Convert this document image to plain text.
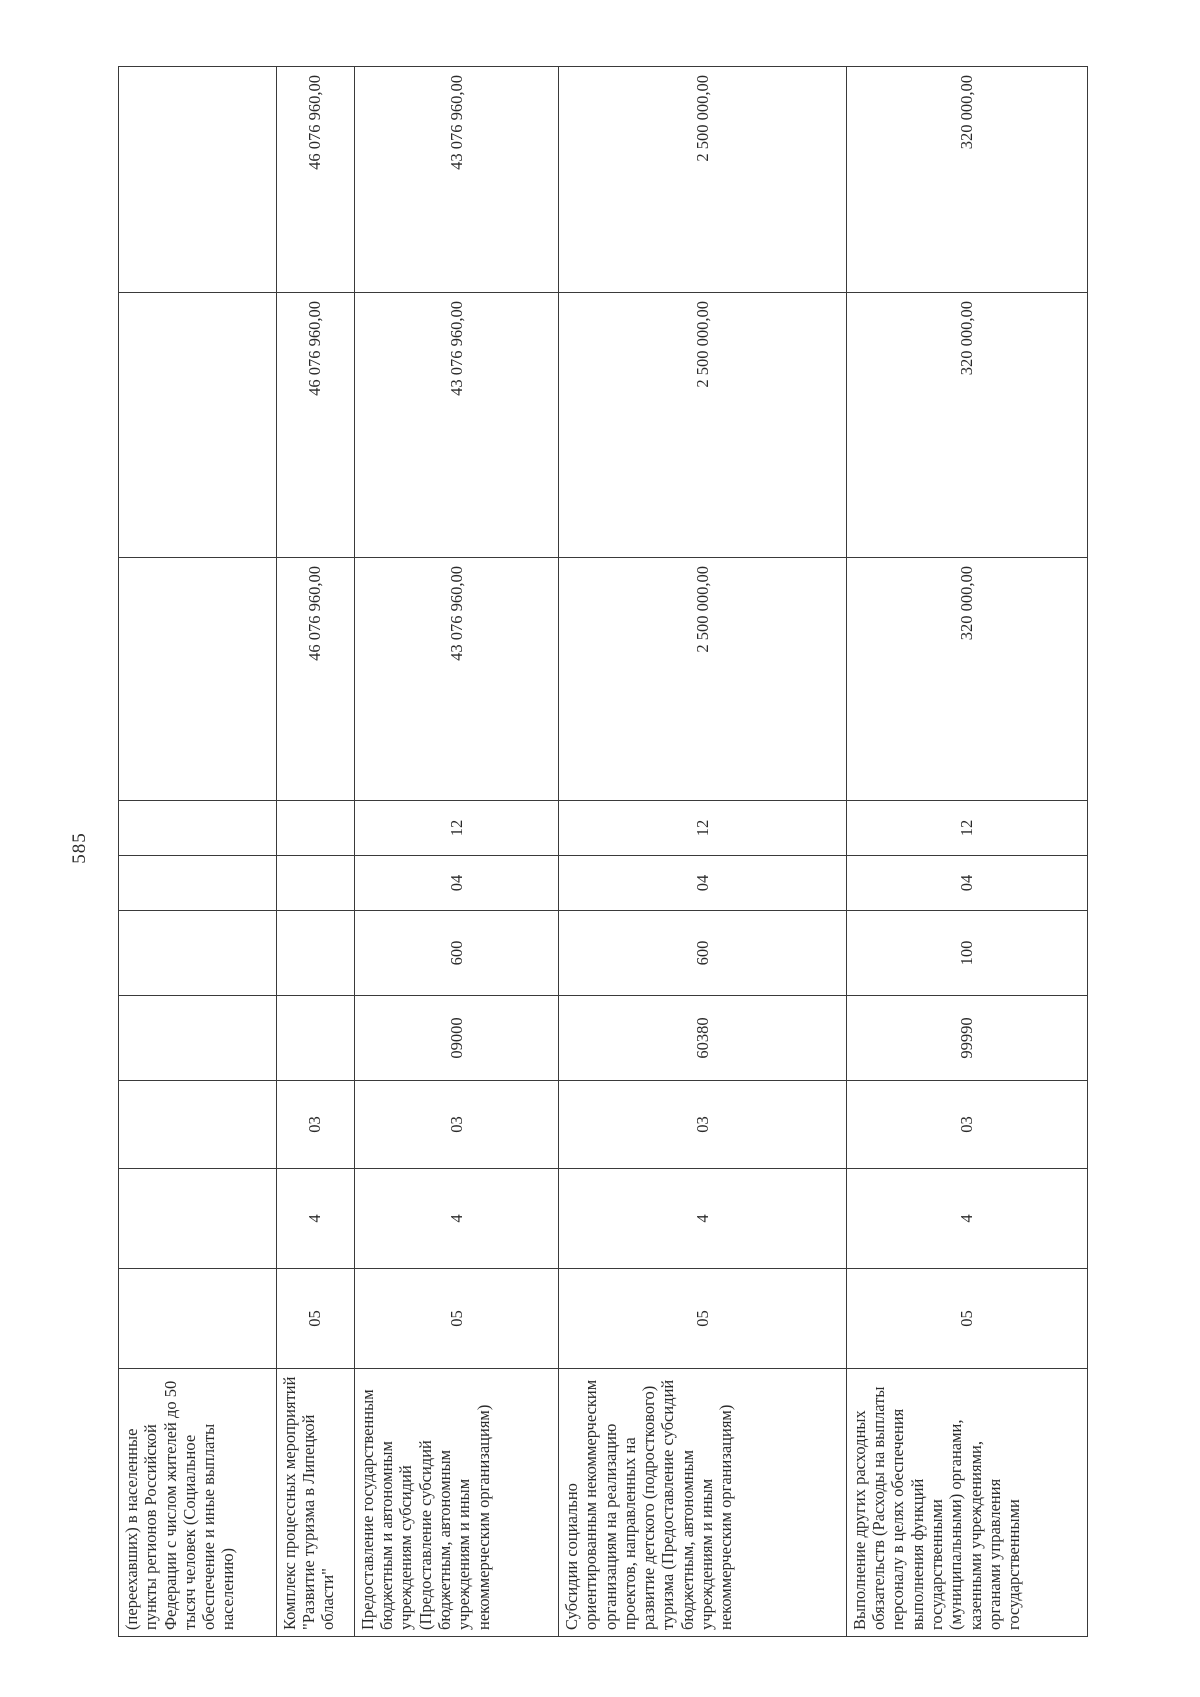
585
(переехавших) в населенные пункты регионов Российской Федерации с числом жителей до 50 тысяч человек (Социальное обеспечение и иные выплаты населению)										
Комплекс процессных мероприятий "Развитие туризма в Липецкой области"	05	4	03					46 076 960,00	46 076 960,00	46 076 960,00
Предоставление государственным бюджетным и автономным учреждениям субсидий (Предоставление субсидий бюджетным, автономным учреждениям и иным некоммерческим организациям)	05	4	03	09000	600	04	12	43 076 960,00	43 076 960,00	43 076 960,00
Субсидии социально ориентированным некоммерческим организациям на реализацию проектов, направленных на развитие детского (подросткового) туризма (Предоставление субсидий бюджетным, автономным учреждениям и иным некоммерческим организациям)	05	4	03	60380	600	04	12	2 500 000,00	2 500 000,00	2 500 000,00
Выполнение других расходных обязательств (Расходы на выплаты персоналу в целях обеспечения выполнения функций государственными (муниципальными) органами, казенными учреждениями, органами управления государственными	05	4	03	99990	100	04	12	320 000,00	320 000,00	320 000,00
